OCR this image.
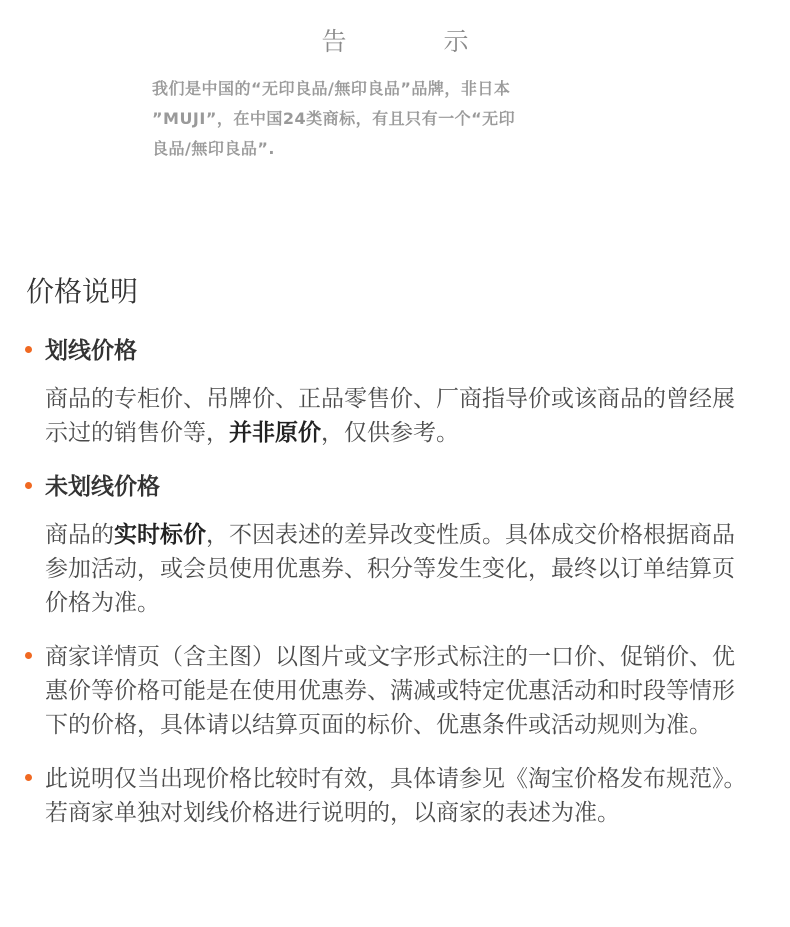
告　示
我们是中国的“无印良品/無印良品”品牌，非日本
”MUJI”，在中国24类商标，有且只有一个“无印
良品/無印良品”.
价格说明
划线价格
商品的专柜价、吊牌价、正品零售价、厂商指导价或该商品的曾经展示过的销售价等，并非原价，仅供参考。
未划线价格
商品的实时标价，不因表述的差异改变性质。具体成交价格根据商品参加活动，或会员使用优惠券、积分等发生变化，最终以订单结算页价格为准。
商家详情页（含主图）以图片或文字形式标注的一口价、促销价、优惠价等价格可能是在使用优惠券、满减或特定优惠活动和时段等情形下的价格，具体请以结算页面的标价、优惠条件或活动规则为准。
此说明仅当出现价格比较时有效，具体请参见《淘宝价格发布规范》。若商家单独对划线价格进行说明的，以商家的表述为准。
